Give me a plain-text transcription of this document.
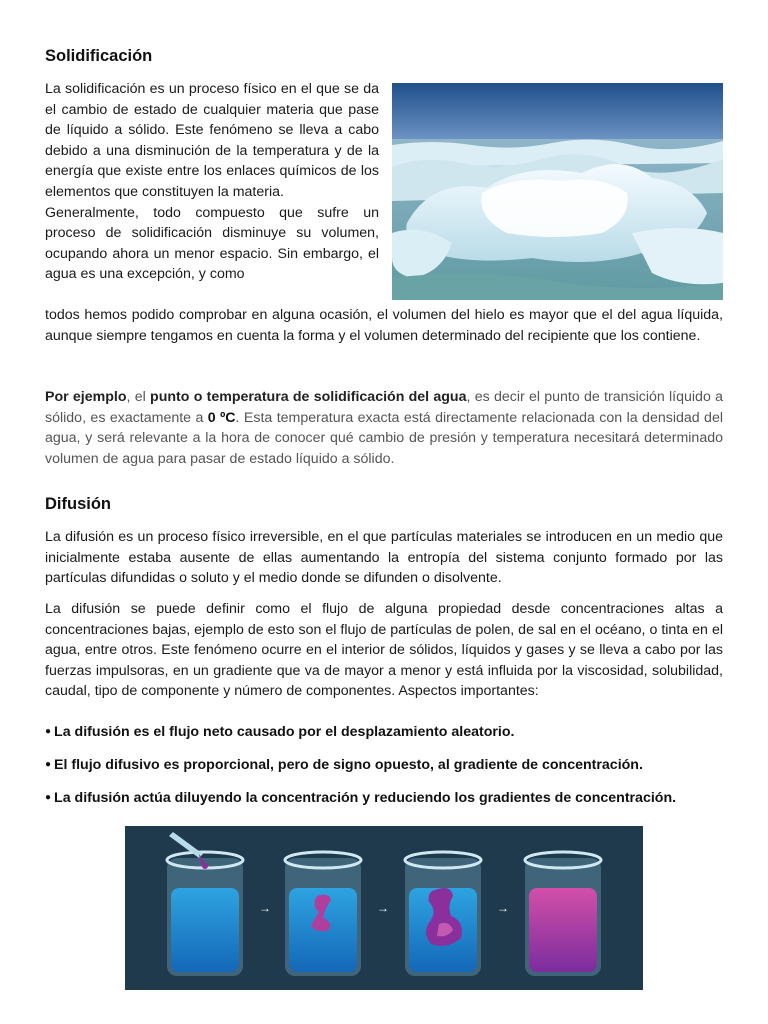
Solidificación

La solidificación es un proceso físico en el que se da el cambio de estado de cualquier materia que pase de líquido a sólido. Este fenómeno se lleva a cabo debido a una disminución de la temperatura y de la energía que existe entre los enlaces químicos de los elementos que constituyen la materia.

Generalmente, todo compuesto que sufre un proceso de solidificación disminuye su volumen, ocupando ahora un menor espacio. Sin embargo, el agua es una excepción, y como

todos hemos podido comprobar en alguna ocasión, el volumen del hielo es mayor que el del agua líquida, aunque siempre tengamos en cuenta la forma y el volumen determinado del recipiente que los contiene.

Por ejemplo, el punto o temperatura de solidificación del agua, es decir el punto de transición líquido a sólido, es exactamente a 0 ºC. Esta temperatura exacta está directamente relacionada con la densidad del agua, y será relevante a la hora de conocer qué cambio de presión y temperatura necesitará determinado volumen de agua para pasar de estado líquido a sólido.

Difusión

La difusión es un proceso físico irreversible, en el que partículas materiales se introducen en un medio que inicialmente estaba ausente de ellas aumentando la entropía del sistema conjunto formado por las partículas difundidas o soluto y el medio donde se difunden o disolvente.

La difusión se puede definir como el flujo de alguna propiedad desde concentraciones altas a concentraciones bajas, ejemplo de esto son el flujo de partículas de polen, de sal en el océano, o tinta en el agua, entre otros. Este fenómeno ocurre en el interior de sólidos, líquidos y gases y se lleva a cabo por las fuerzas impulsoras, en un gradiente que va de mayor a menor y está influida por la viscosidad, solubilidad, caudal, tipo de componente y número de componentes. Aspectos importantes:

● La difusión es el flujo neto causado por el desplazamiento aleatorio.
● El flujo difusivo es proporcional, pero de signo opuesto, al gradiente de concentración.
● La difusión actúa diluyendo la concentración y reduciendo los gradientes de concentración.
→	→	→
